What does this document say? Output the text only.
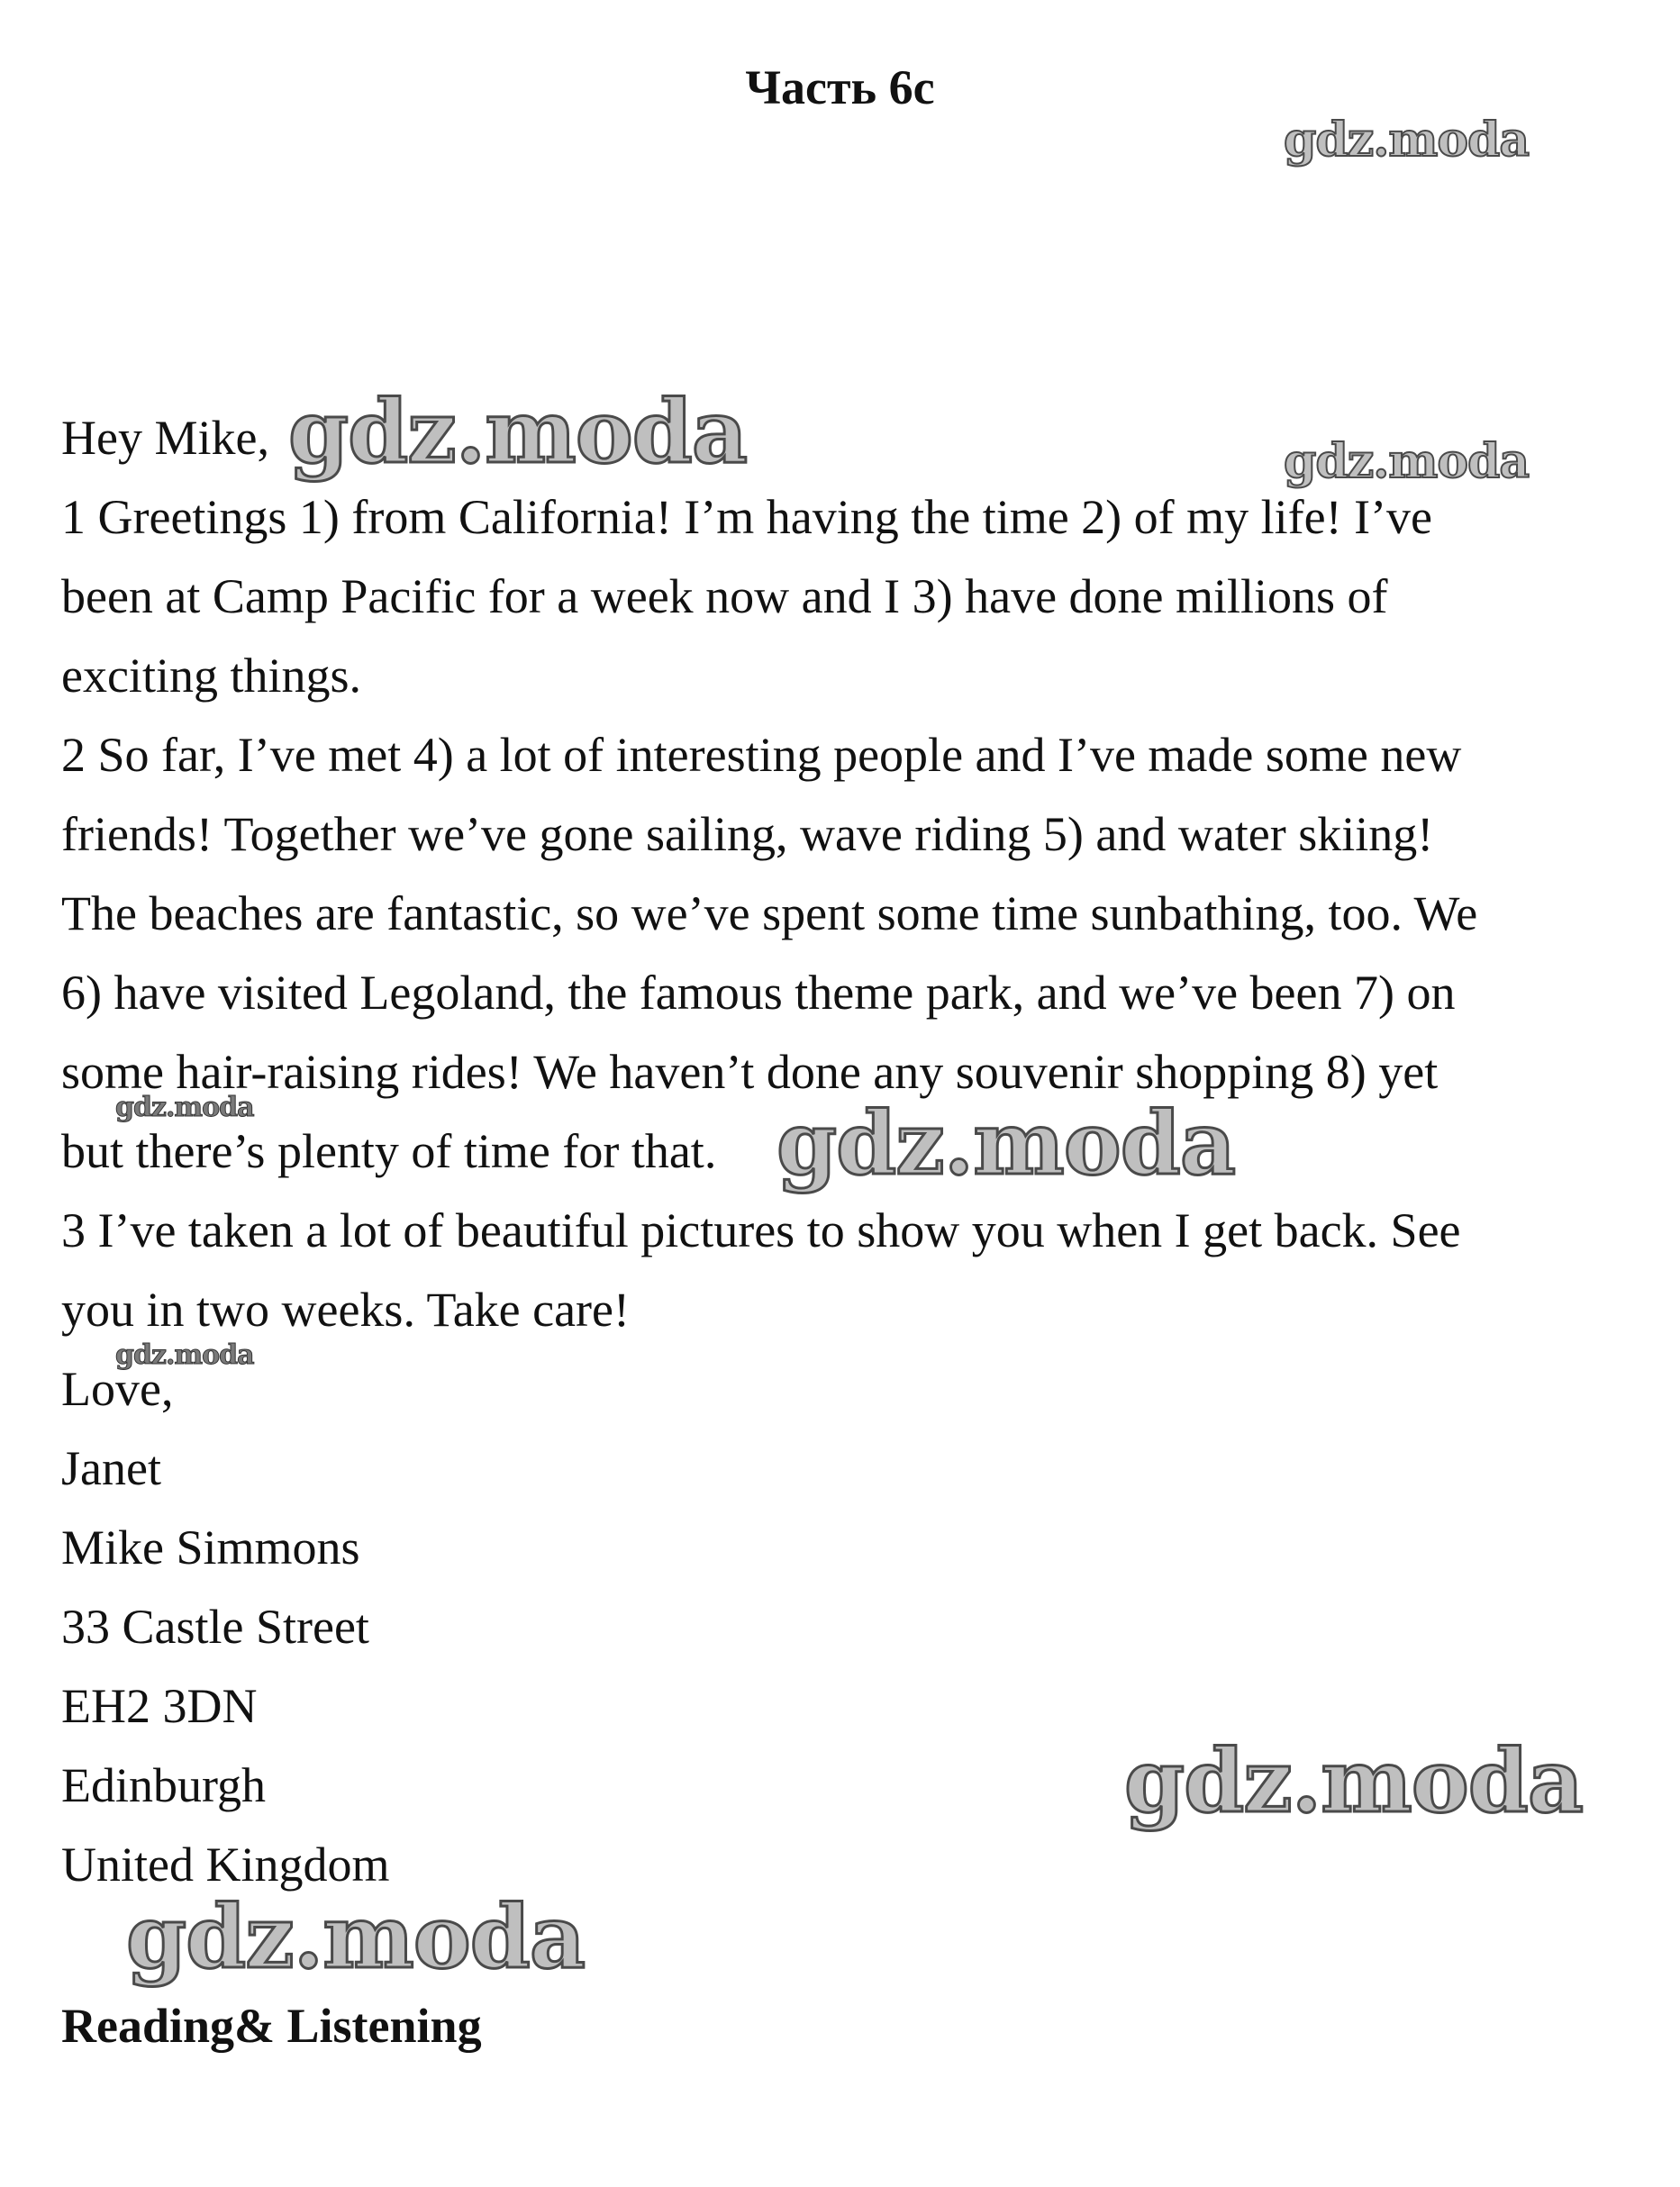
Часть 6с
Hey Mike,
1 Greetings 1) from California! I’m having the time 2) of my life! I’ve
been at Camp Pacific for a week now and I 3) have done millions of
exciting things.
2 So far, I’ve met 4) a lot of interesting people and I’ve made some new
friends! Together we’ve gone sailing, wave riding 5) and water skiing!
The beaches are fantastic, so we’ve spent some time sunbathing, too. We
6) have visited Legoland, the famous theme park, and we’ve been 7) on
some hair-raising rides! We haven’t done any souvenir shopping 8) yet
but there’s plenty of time for that.
3 I’ve taken a lot of beautiful pictures to show you when I get back. See
you in two weeks. Take care!
Love,
Janet
Mike Simmons
33 Castle Street
EH2 3DN
Edinburgh
United Kingdom
Reading& Listening
gdz.moda
gdz.moda	gdz.moda
gdz.moda	gdz.moda
gdz.moda
gdz.moda
gdz.moda
